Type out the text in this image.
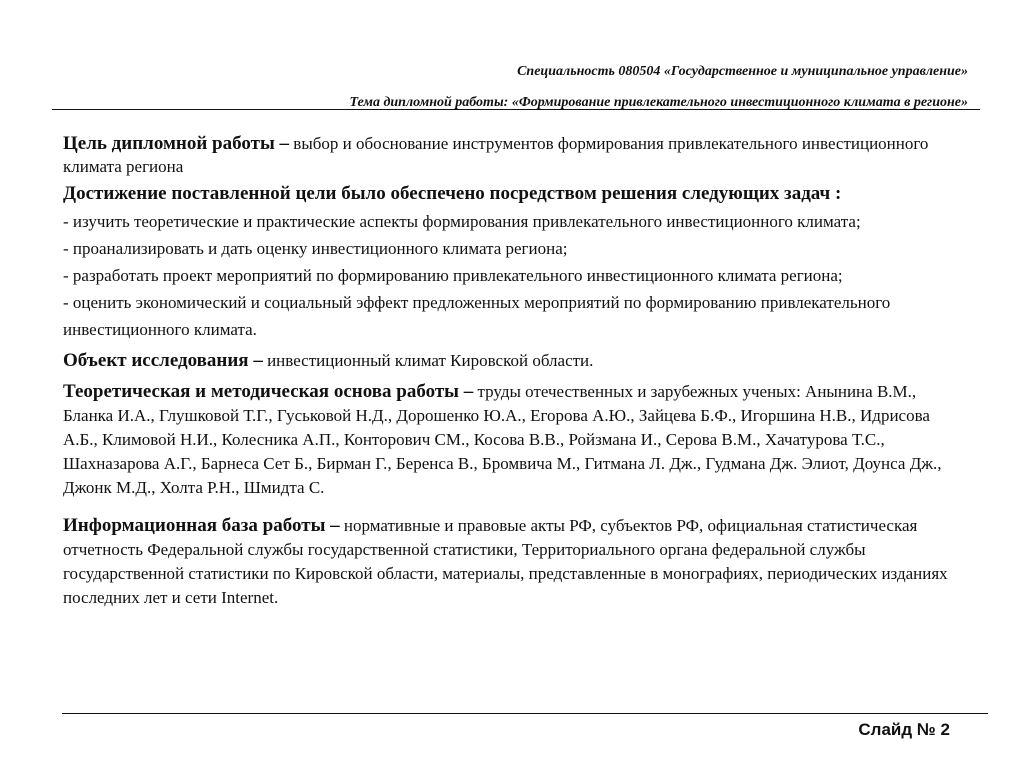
Специальность 080504 «Государственное и муниципальное управление»
Тема дипломной работы: «Формирование привлекательного инвестиционного климата в регионе»

Цель дипломной работы – выбор и обоснование инструментов формирования привлекательного инвестиционного климата региона

Достижение поставленной цели было обеспечено посредством решения следующих задач :

- изучить теоретические и практические аспекты формирования привлекательного инвестиционного климата;

- проанализировать и дать оценку инвестиционного климата региона;

- разработать проект мероприятий по формированию привлекательного инвестиционного климата региона;

- оценить экономический и социальный эффект предложенных мероприятий по формированию привлекательного инвестиционного климата.

Объект исследования – инвестиционный климат Кировской области.

Теоретическая и методическая основа работы – труды отечественных и зарубежных ученых: Анынина В.М., Бланка И.А., Глушковой Т.Г., Гуськовой Н.Д., Дорошенко Ю.А., Егорова А.Ю., Зайцева Б.Ф., Игоршина Н.В., Идрисова А.Б., Климовой Н.И., Колесника А.П., Конторович СМ., Косова В.В., Ройзмана И., Серова В.М., Хачатурова Т.С., Шахназарова А.Г., Барнеса Сет Б., Бирман Г., Беренса В., Бромвича М., Гитмана Л. Дж., Гудмана Дж. Элиот, Доунса Дж., Джонк М.Д., Холта Р.Н., Шмидта С.

Информационная база работы – нормативные и правовые акты РФ, субъектов РФ, официальная статистическая отчетность Федеральной службы государственной статистики, Территориального органа федеральной службы государственной статистики по Кировской области, материалы, представленные в монографиях, периодических изданиях последних лет и сети Internet.

Слайд № 2
